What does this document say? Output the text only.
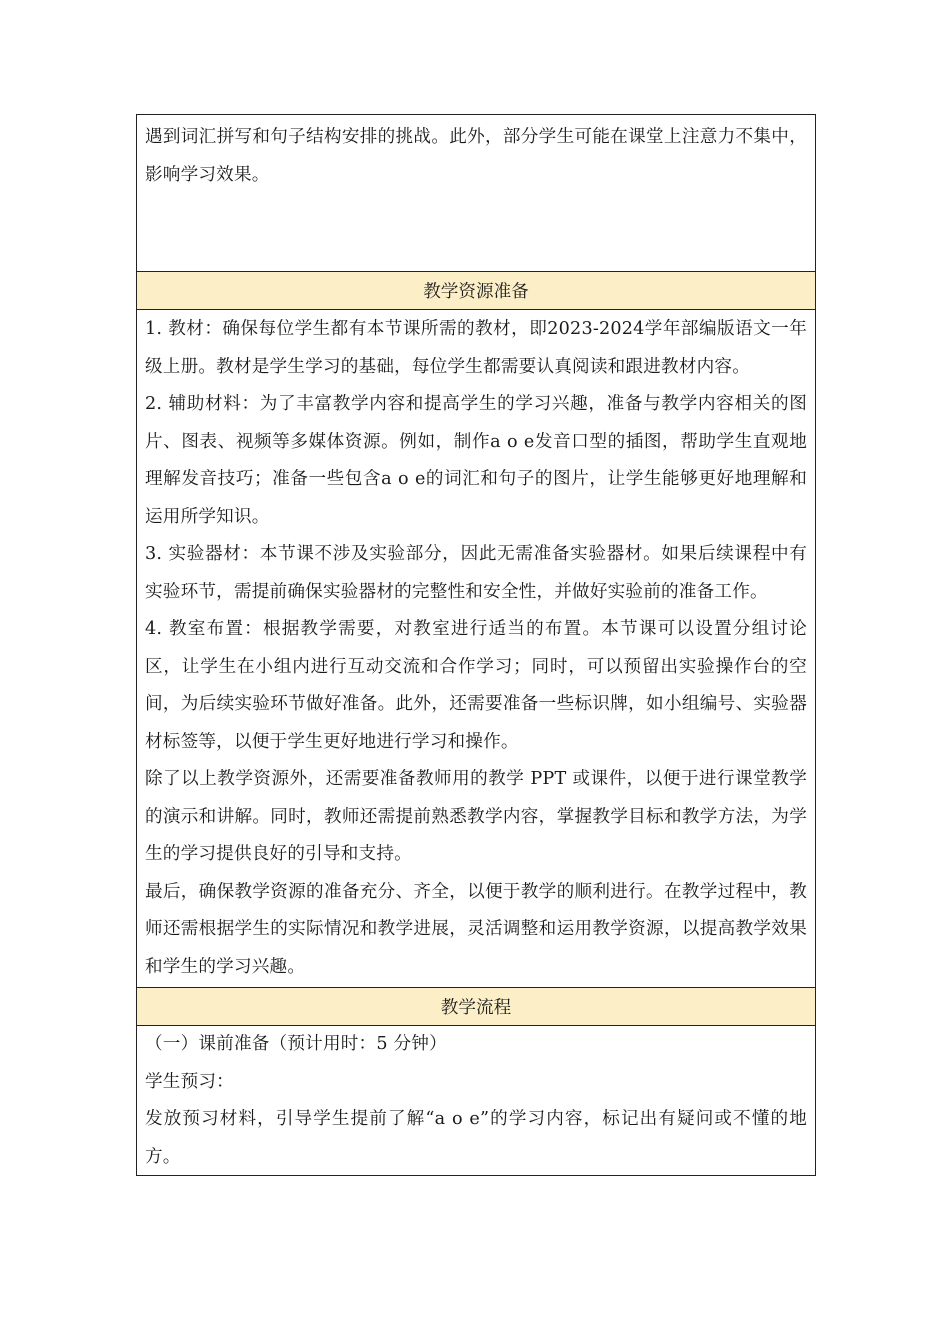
遇到词汇拼写和句子结构安排的挑战。此外，部分学生可能在课堂上注意力不集中，影响学习效果。

教学资源准备

1. 教材：确保每位学生都有本节课所需的教材，即2023-2024学年部编版语文一年级上册。教材是学生学习的基础，每位学生都需要认真阅读和跟进教材内容。

2. 辅助材料：为了丰富教学内容和提高学生的学习兴趣，准备与教学内容相关的图片、图表、视频等多媒体资源。例如，制作a o e发音口型的插图，帮助学生直观地理解发音技巧；准备一些包含a o e的词汇和句子的图片，让学生能够更好地理解和运用所学知识。

3. 实验器材：本节课不涉及实验部分，因此无需准备实验器材。如果后续课程中有实验环节，需提前确保实验器材的完整性和安全性，并做好实验前的准备工作。

4. 教室布置：根据教学需要，对教室进行适当的布置。本节课可以设置分组讨论区，让学生在小组内进行互动交流和合作学习；同时，可以预留出实验操作台的空间，为后续实验环节做好准备。此外，还需要准备一些标识牌，如小组编号、实验器材标签等，以便于学生更好地进行学习和操作。

除了以上教学资源外，还需要准备教师用的教学 PPT 或课件，以便于进行课堂教学的演示和讲解。同时，教师还需提前熟悉教学内容，掌握教学目标和教学方法，为学生的学习提供良好的引导和支持。

最后，确保教学资源的准备充分、齐全，以便于教学的顺利进行。在教学过程中，教师还需根据学生的实际情况和教学进展，灵活调整和运用教学资源，以提高教学效果和学生的学习兴趣。

教学流程

（一）课前准备（预计用时：5 分钟）

学生预习：

发放预习材料，引导学生提前了解“a o e”的学习内容，标记出有疑问或不懂的地方。
